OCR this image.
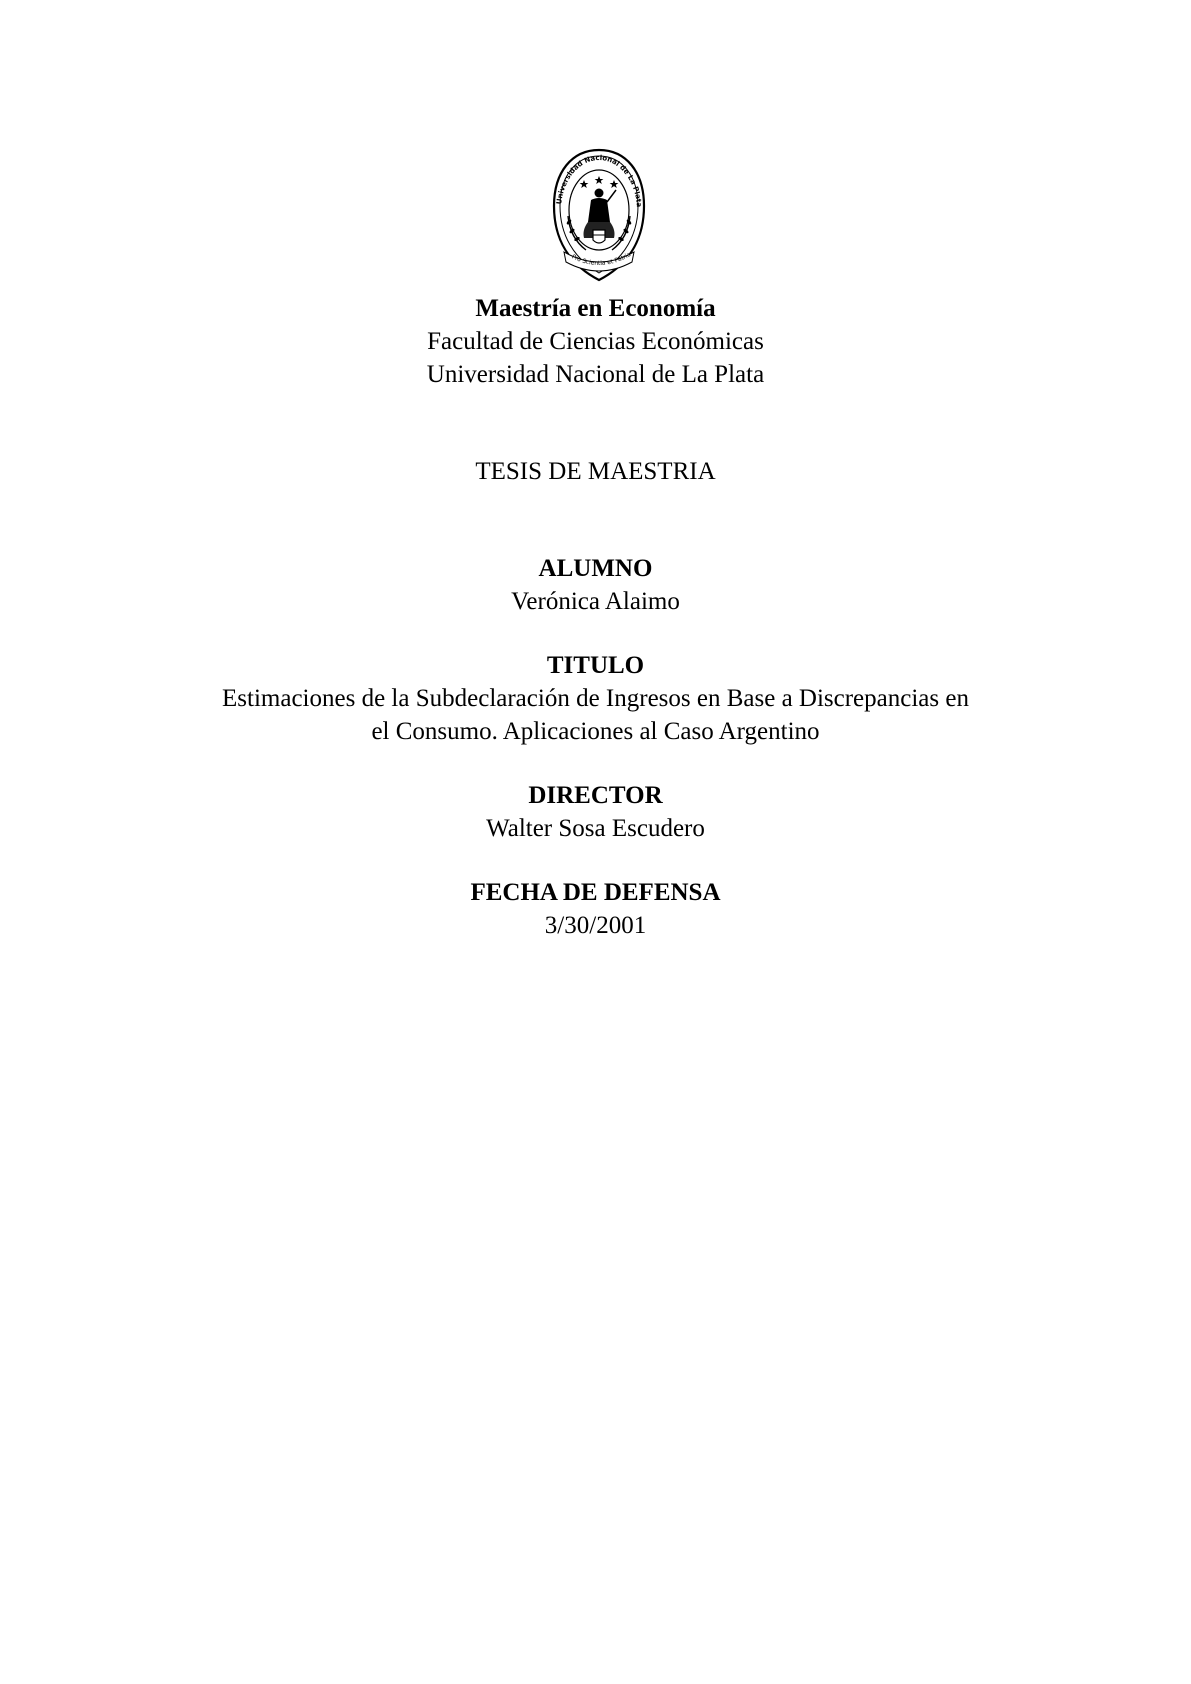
Universidad Nacional de La Plata
Pro Scientia et Patria
Maestría en Economía
Facultad de Ciencias Económicas
Universidad Nacional de La Plata
TESIS DE MAESTRIA
ALUMNO
Verónica Alaimo
TITULO
Estimaciones de la Subdeclaración de Ingresos en Base a Discrepancias en
el Consumo. Aplicaciones al Caso Argentino
DIRECTOR
Walter Sosa Escudero
FECHA DE DEFENSA
3/30/2001
